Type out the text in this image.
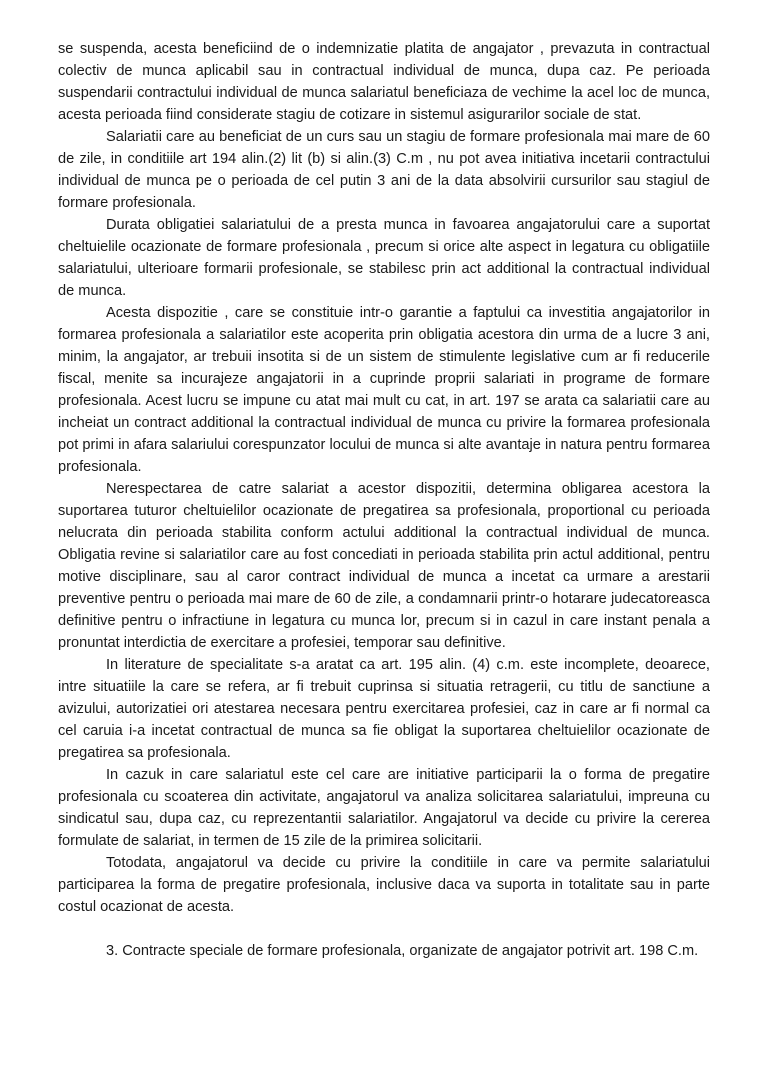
se suspenda, acesta beneficiind de o indemnizatie platita de angajator , prevazuta in contractual colectiv de munca aplicabil sau in contractual individual de munca, dupa caz. Pe perioada suspendarii contractului individual de munca salariatul beneficiaza de vechime la acel loc de munca, acesta perioada fiind considerate stagiu de cotizare in sistemul asigurarilor sociale de stat.

Salariatii care au beneficiat de un curs sau un stagiu de formare profesionala mai mare de 60 de zile, in conditiile art 194 alin.(2) lit (b) si alin.(3) C.m , nu pot avea initiativa incetarii contractului individual de munca pe o perioada de cel putin 3 ani de la data absolvirii cursurilor sau stagiul de formare profesionala.

Durata obligatiei salariatului de a presta munca in favoarea angajatorului care a suportat cheltuielile ocazionate de formare profesionala , precum si orice alte aspect in legatura cu obligatiile salariatului, ulterioare formarii profesionale, se stabilesc prin act additional la contractual individual de munca.

Acesta dispozitie , care se constituie intr-o garantie a faptului ca investitia angajatorilor in formarea profesionala a salariatilor este acoperita prin obligatia acestora din urma de a lucre 3 ani, minim, la angajator, ar trebuii insotita si de un sistem de stimulente legislative cum ar fi reducerile fiscal, menite sa incurajeze angajatorii in a cuprinde proprii salariati in programe de formare profesionala. Acest lucru se impune cu atat mai mult cu cat, in art. 197 se arata ca salariatii care au incheiat un contract additional la contractual individual de munca cu privire la formarea profesionala pot primi in afara salariului corespunzator locului de munca si alte avantaje in natura pentru formarea profesionala.

Nerespectarea de catre salariat a acestor dispozitii, determina obligarea acestora la suportarea tuturor cheltuielilor ocazionate de pregatirea sa profesionala, proportional cu perioada nelucrata din perioada stabilita conform actului additional la contractual individual de munca. Obligatia revine si salariatilor care au fost concediati in perioada stabilita prin actul additional, pentru motive disciplinare, sau al caror contract individual de munca a incetat ca urmare a arestarii preventive pentru o perioada mai mare de 60 de zile, a condamnarii printr-o hotarare judecatoreasca definitive pentru o infractiune in legatura cu munca lor, precum si in cazul in care instant penala a pronuntat interdictia de exercitare a profesiei, temporar sau definitive.

In literature de specialitate s-a aratat ca art. 195 alin. (4) c.m. este incomplete, deoarece, intre situatiile la care se refera, ar fi trebuit cuprinsa si situatia retragerii, cu titlu de sanctiune a avizului, autorizatiei ori atestarea necesara pentru exercitarea profesiei, caz in care ar fi normal ca cel caruia i-a incetat contractual de munca sa fie obligat la suportarea cheltuielilor ocazionate de pregatirea sa profesionala.

In cazuk in care salariatul este cel care are initiative participarii la o forma de pregatire profesionala cu scoaterea din activitate, angajatorul va analiza solicitarea salariatului, impreuna cu sindicatul sau, dupa caz, cu reprezentantii salariatilor. Angajatorul va decide cu privire la cererea formulate de salariat, in termen de 15 zile de la primirea solicitarii.

Totodata, angajatorul va decide cu privire la conditiile in care va permite salariatului participarea la forma de pregatire profesionala, inclusive daca va suporta in totalitate sau in parte costul ocazionat de acesta.

3. Contracte speciale de formare profesionala, organizate de angajator potrivit art. 198 C.m.
